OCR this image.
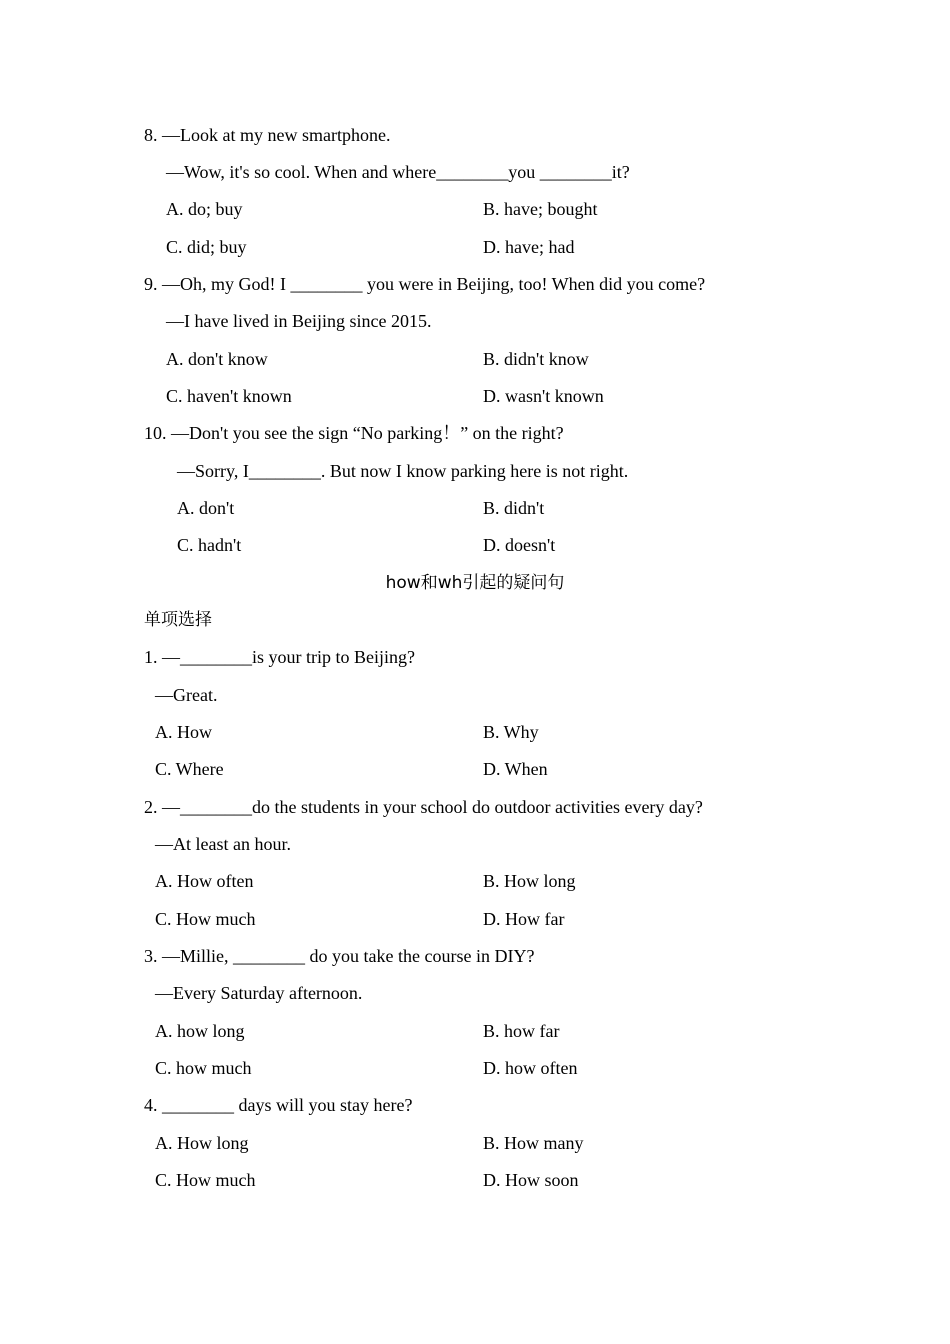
8. —Look at my new smartphone.
—Wow, it's so cool. When and where________you ________it?
A. do; buy	B. have; bought
C. did; buy	D. have; had
9. —Oh, my God! I ________ you were in Beijing, too! When did you come?
—I have lived in Beijing since 2015.
A. don't know	B. didn't know
C. haven't known	D. wasn't known
10. —Don't you see the sign “No parking！” on the right?
—Sorry, I________. But now I know parking here is not right.
A. don't	B. didn't
C. hadn't	D. doesn't
how和wh引起的疑问句
单项选择
1. —________is your trip to Beijing?
—Great.
A. How	B. Why
C. Where	D. When
2. —________do the students in your school do outdoor activities every day?
—At least an hour.
A. How often	B. How long
C. How much	D. How far
3. —Millie, ________ do you take the course in DIY?
—Every Saturday afternoon.
A. how long	B. how far
C. how much	D. how often
4. ________ days will you stay here?
A. How long	B. How many
C. How much	D. How soon
